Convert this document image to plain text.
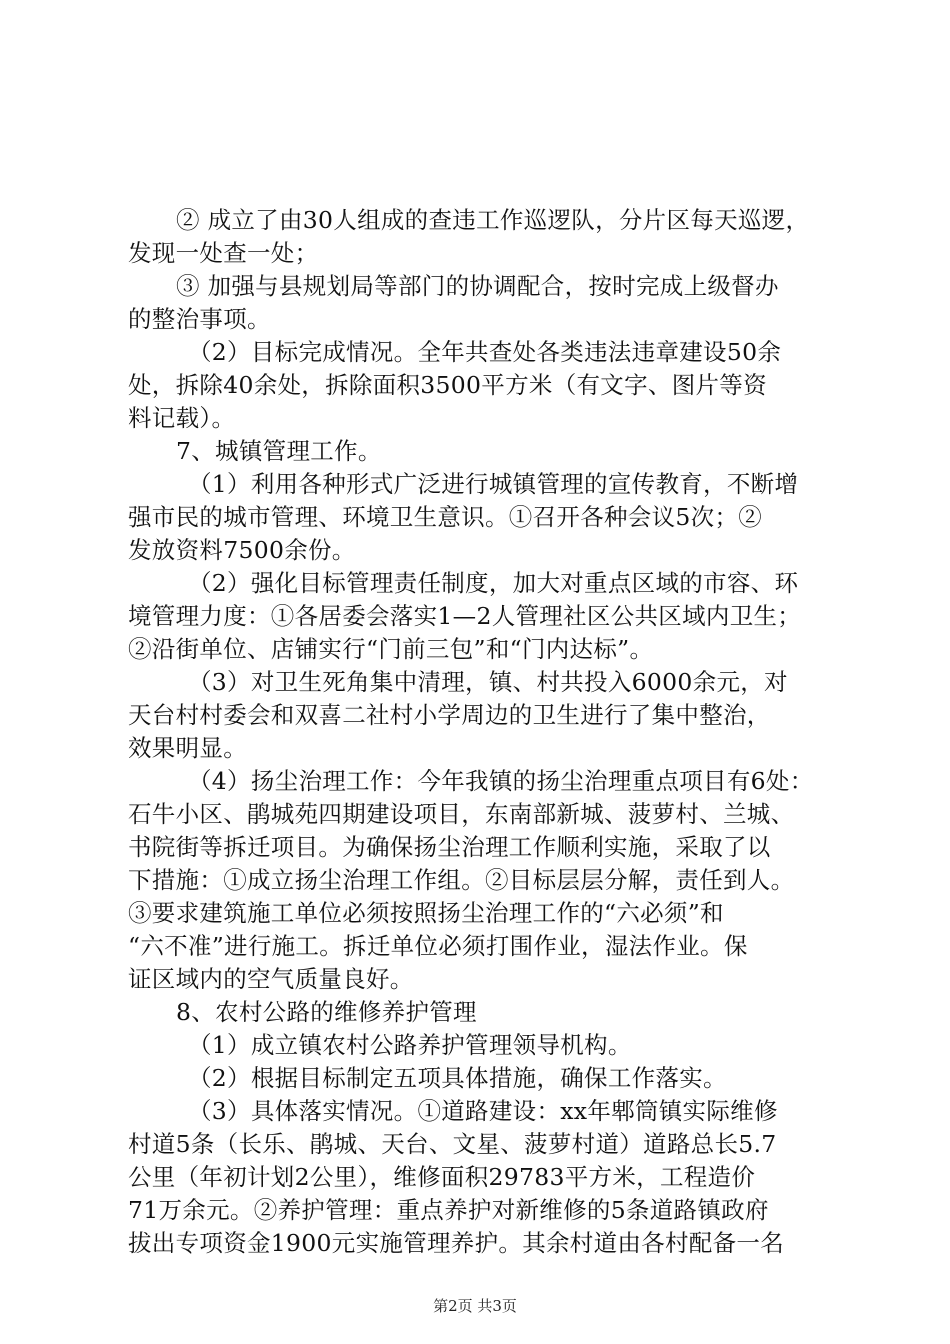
② 成立了由30人组成的查违工作巡逻队，分片区每天巡逻，
发现一处查一处；
③ 加强与县规划局等部门的协调配合，按时完成上级督办
的整治事项。
（2）目标完成情况。全年共查处各类违法违章建设50余
处，拆除40余处，拆除面积3500平方米（有文字、图片等资
料记载）。
7、城镇管理工作。
（1）利用各种形式广泛进行城镇管理的宣传教育，不断增
强市民的城市管理、环境卫生意识。①召开各种会议5次；②
发放资料7500余份。
（2）强化目标管理责任制度，加大对重点区域的市容、环
境管理力度：①各居委会落实1—2人管理社区公共区域内卫生；
②沿街单位、店铺实行“门前三包”和“门内达标”。
（3）对卫生死角集中清理，镇、村共投入6000余元，对
天台村村委会和双喜二社村小学周边的卫生进行了集中整治，
效果明显。
（4）扬尘治理工作：今年我镇的扬尘治理重点项目有6处：
石牛小区、鹃城苑四期建设项目，东南部新城、菠萝村、兰城、
书院街等拆迁项目。为确保扬尘治理工作顺利实施，采取了以
下措施：①成立扬尘治理工作组。②目标层层分解，责任到人。
③要求建筑施工单位必须按照扬尘治理工作的“六必须”和
“六不准”进行施工。拆迁单位必须打围作业，湿法作业。保
证区域内的空气质量良好。
8、农村公路的维修养护管理
（1）成立镇农村公路养护管理领导机构。
（2）根据目标制定五项具体措施，确保工作落实。
（3）具体落实情况。①道路建设：xx年郫筒镇实际维修
村道5条（长乐、鹃城、天台、文星、菠萝村道）道路总长5.7
公里（年初计划2公里），维修面积29783平方米，工程造价
71万余元。②养护管理：重点养护对新维修的5条道路镇政府
拔出专项资金1900元实施管理养护。其余村道由各村配备一名
第2页 共3页
